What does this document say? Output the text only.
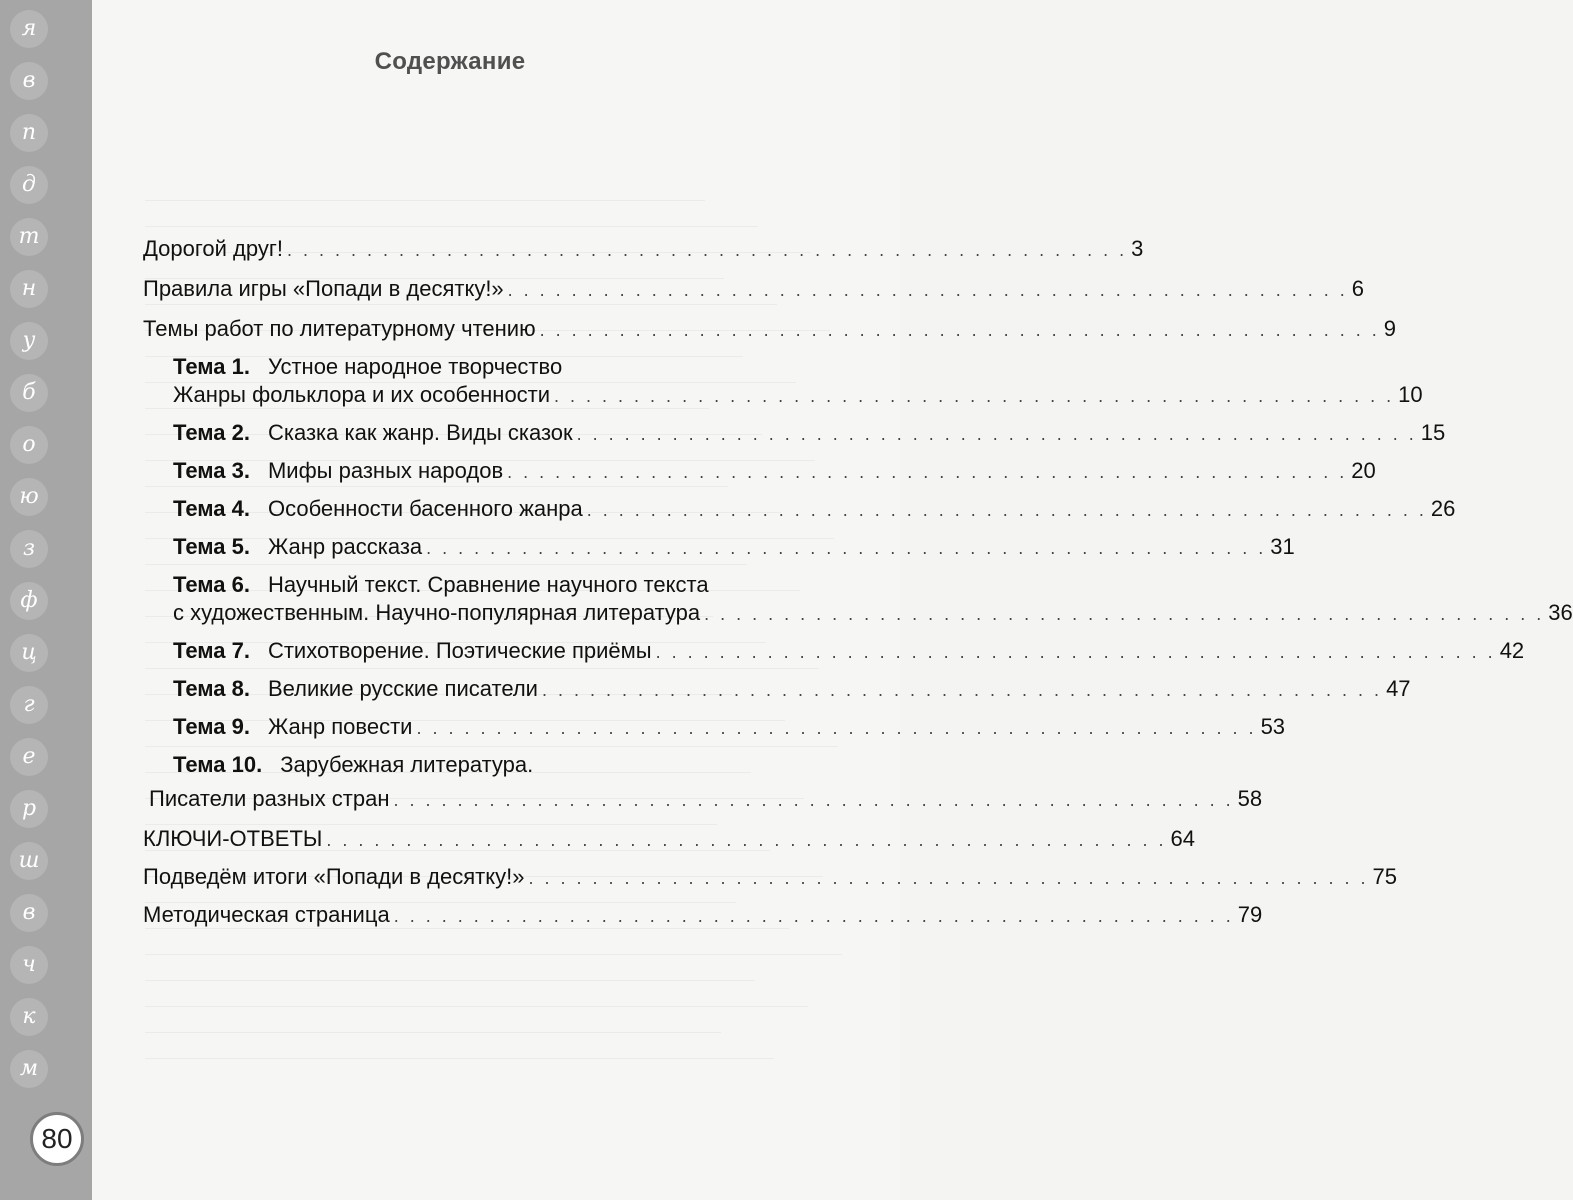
я
в
п
д
т
н
у
б
о
ю
з
ф
ц
г
е
р
ш
в
ч
к
м
Содержание
Дорогой друг! . . . . . . . . . . . . . . . . . . . . . . . . . . . . . . . . . . . . . . . . . . . . . . . . . . . . . 3
Правила игры «Попади в десятку!» . . . . . . . . . . . . . . . . . . . . . . . . . . . . . . . . . . . . . . . . . . . . . . . . . . . . . 6
Темы работ по литературному чтению . . . . . . . . . . . . . . . . . . . . . . . . . . . . . . . . . . . . . . . . . . . . . . . . . . . . . 9
Тема 1. Устное народное творчество
Жанры фольклора и их особенности . . . . . . . . . . . . . . . . . . . . . . . . . . . . . . . . . . . . . . . . . . . . . . . . . . . . . 10
Тема 2. Сказка как жанр. Виды сказок . . . . . . . . . . . . . . . . . . . . . . . . . . . . . . . . . . . . . . . . . . . . . . . . . . . . . 15
Тема 3. Мифы разных народов . . . . . . . . . . . . . . . . . . . . . . . . . . . . . . . . . . . . . . . . . . . . . . . . . . . . . 20
Тема 4. Особенности басенного жанра . . . . . . . . . . . . . . . . . . . . . . . . . . . . . . . . . . . . . . . . . . . . . . . . . . . . . 26
Тема 5. Жанр рассказа . . . . . . . . . . . . . . . . . . . . . . . . . . . . . . . . . . . . . . . . . . . . . . . . . . . . . 31
Тема 6. Научный текст. Сравнение научного текста
с художественным. Научно-популярная литература . . . . . . . . . . . . . . . . . . . . . . . . . . . . . . . . . . . . . . . . . . . . . . . . . . . . . 36
Тема 7. Стихотворение. Поэтические приёмы . . . . . . . . . . . . . . . . . . . . . . . . . . . . . . . . . . . . . . . . . . . . . . . . . . . . . 42
Тема 8. Великие русские писатели . . . . . . . . . . . . . . . . . . . . . . . . . . . . . . . . . . . . . . . . . . . . . . . . . . . . . 47
Тема 9. Жанр повести . . . . . . . . . . . . . . . . . . . . . . . . . . . . . . . . . . . . . . . . . . . . . . . . . . . . . 53
Тема 10. Зарубежная литература.
Писатели разных стран . . . . . . . . . . . . . . . . . . . . . . . . . . . . . . . . . . . . . . . . . . . . . . . . . . . . . 58
КЛЮЧИ-ОТВЕТЫ . . . . . . . . . . . . . . . . . . . . . . . . . . . . . . . . . . . . . . . . . . . . . . . . . . . . . 64
Подведём итоги «Попади в десятку!» . . . . . . . . . . . . . . . . . . . . . . . . . . . . . . . . . . . . . . . . . . . . . . . . . . . . . 75
Методическая страница . . . . . . . . . . . . . . . . . . . . . . . . . . . . . . . . . . . . . . . . . . . . . . . . . . . . . 79
80
